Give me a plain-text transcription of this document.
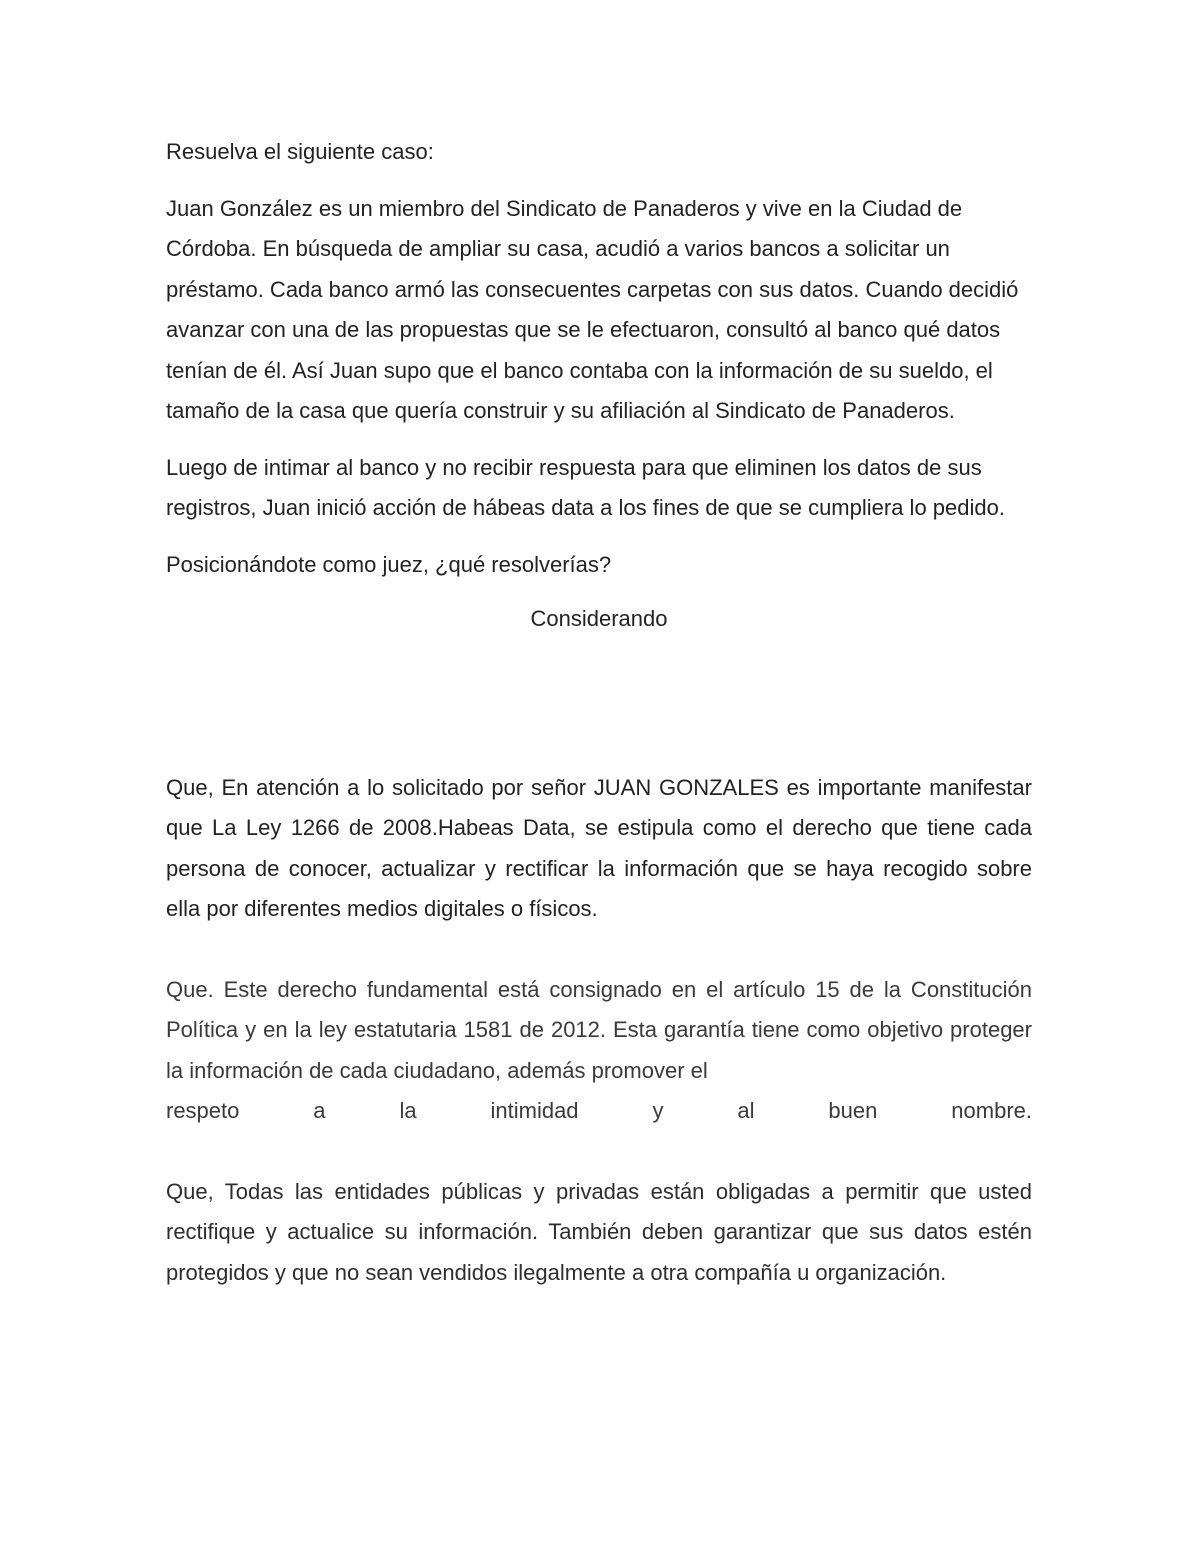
Resuelva el siguiente caso:

Juan González es un miembro del Sindicato de Panaderos y vive en la Ciudad de Córdoba. En búsqueda de ampliar su casa, acudió a varios bancos a solicitar un préstamo. Cada banco armó las consecuentes carpetas con sus datos. Cuando decidió avanzar con una de las propuestas que se le efectuaron, consultó al banco qué datos tenían de él. Así Juan supo que el banco contaba con la información de su sueldo, el tamaño de la casa que quería construir y su afiliación al Sindicato de Panaderos.

Luego de intimar al banco y no recibir respuesta para que eliminen los datos de sus registros, Juan inició acción de hábeas data a los fines de que se cumpliera lo pedido.

Posicionándote como juez, ¿qué resolverías?

Considerando

Que, En atención a lo solicitado por señor JUAN GONZALES es importante manifestar que La Ley 1266 de 2008.Habeas Data, se estipula como el derecho que tiene cada persona de conocer, actualizar y rectificar la información que se haya recogido sobre ella por diferentes medios digitales o físicos.

Que. Este derecho fundamental está consignado en el artículo 15 de la Constitución Política y en la ley estatutaria 1581 de 2012. Esta garantía tiene como objetivo proteger la información de cada ciudadano, además promover el

respeto a la intimidad y al buen nombre.

Que, Todas las entidades públicas y privadas están obligadas a permitir que usted rectifique y actualice su información. También deben garantizar que sus datos estén protegidos y que no sean vendidos ilegalmente a otra compañía u organización.
